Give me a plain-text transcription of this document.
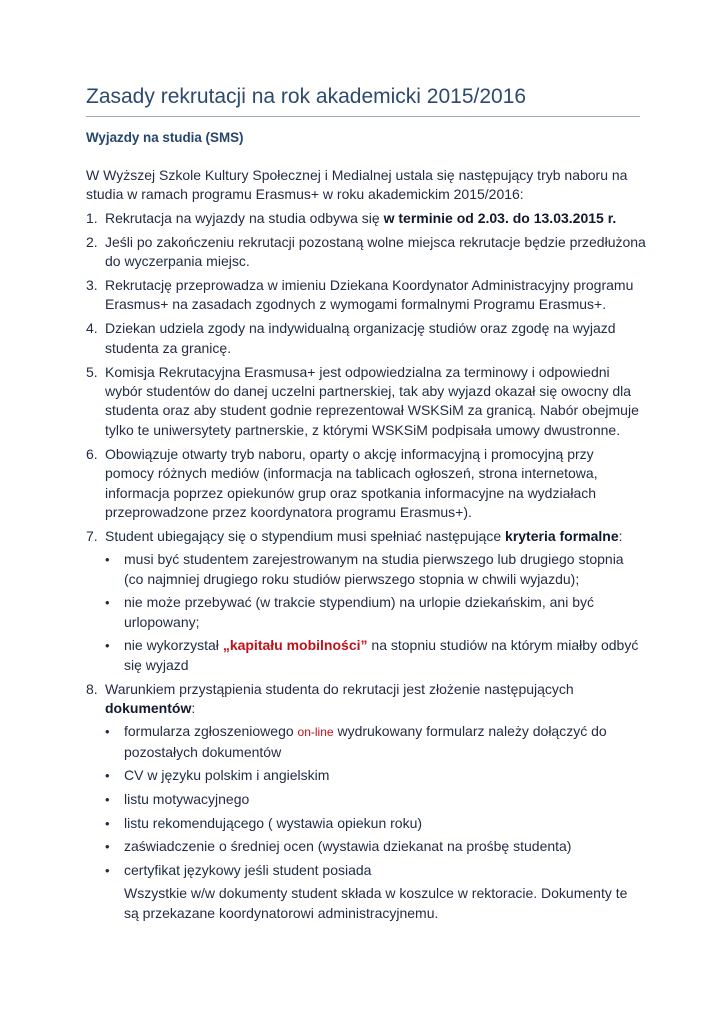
Zasady rekrutacji na rok akademicki 2015/2016
Wyjazdy na studia (SMS)

W Wyższej Szkole Kultury Społecznej i Medialnej ustala się następujący tryb naboru na studia w ramach programu Erasmus+ w roku akademickim 2015/2016:

1. Rekrutacja na wyjazdy na studia odbywa się w terminie od 2.03. do 13.03.2015 r.
2. Jeśli po zakończeniu rekrutacji pozostaną wolne miejsca rekrutacje będzie przedłużona do wyczerpania miejsc.
3. Rekrutację przeprowadza w imieniu Dziekana Koordynator Administracyjny programu Erasmus+ na zasadach zgodnych z wymogami formalnymi Programu Erasmus+.
4. Dziekan udziela zgody na indywidualną organizację studiów oraz zgodę na wyjazd studenta za granicę.
5. Komisja Rekrutacyjna Erasmusa+ jest odpowiedzialna za terminowy i odpowiedni wybór studentów do danej uczelni partnerskiej, tak aby wyjazd okazał się owocny dla studenta oraz aby student godnie reprezentował WSKSiM za granicą. Nabór obejmuje tylko te uniwersytety partnerskie, z którymi WSKSiM podpisała umowy dwustronne.
6. Obowiązuje otwarty tryb naboru, oparty o akcję informacyjną i promocyjną przy pomocy różnych mediów (informacja na tablicach ogłoszeń, strona internetowa, informacja poprzez opiekunów grup oraz spotkania informacyjne na wydziałach przeprowadzone przez koordynatora programu Erasmus+).
7. Student ubiegający się o stypendium musi spełniać następujące kryteria formalne:
• musi być studentem zarejestrowanym na studia pierwszego lub drugiego stopnia (co najmniej drugiego roku studiów pierwszego stopnia w chwili wyjazdu);
• nie może przebywać (w trakcie stypendium) na urlopie dziekańskim, ani być urlopowany;
• nie wykorzystał „kapitału mobilności” na stopniu studiów na którym miałby odbyć się wyjazd
8. Warunkiem przystąpienia studenta do rekrutacji jest złożenie następujących dokumentów:
• formularza zgłoszeniowego on-line wydrukowany formularz należy dołączyć do pozostałych dokumentów
• CV w języku polskim i angielskim
• listu motywacyjnego
• listu rekomendującego ( wystawia opiekun roku)
• zaświadczenie o średniej ocen (wystawia dziekanat na prośbę studenta)
• certyfikat językowy jeśli student posiada

Wszystkie w/w dokumenty student składa w koszulce w rektoracie. Dokumenty te są przekazane koordynatorowi administracyjnemu.
